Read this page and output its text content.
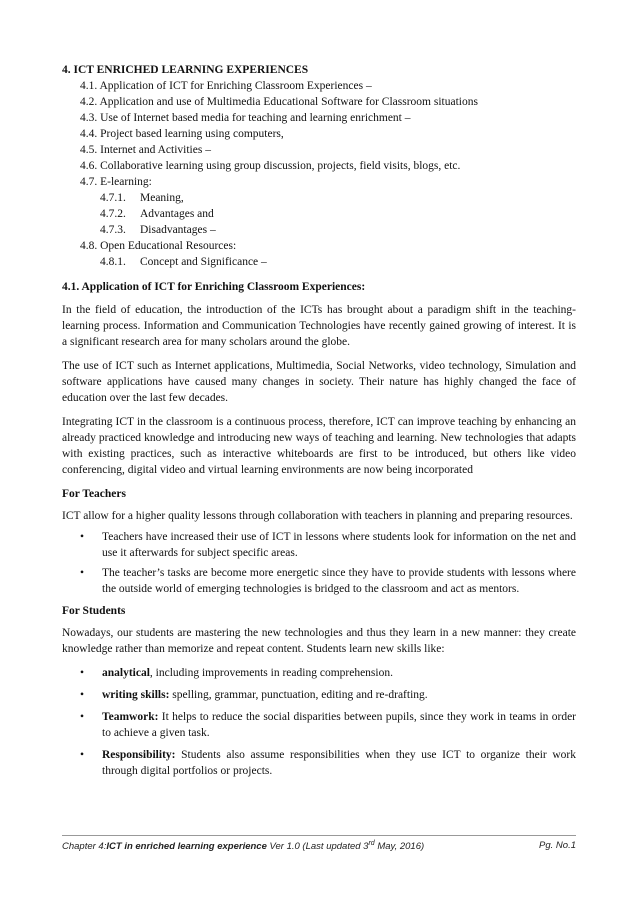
4. ICT ENRICHED LEARNING EXPERIENCES
4.1. Application of ICT for Enriching Classroom Experiences –
4.2. Application and use of Multimedia Educational Software for Classroom situations
4.3. Use of Internet based media for teaching and learning enrichment –
4.4. Project based learning using computers,
4.5. Internet and Activities –
4.6. Collaborative learning using group discussion, projects, field visits, blogs, etc.
4.7. E-learning:
4.7.1. Meaning,
4.7.2. Advantages and
4.7.3. Disadvantages –
4.8. Open Educational Resources:
4.8.1. Concept and Significance –
4.1. Application of ICT for Enriching Classroom Experiences:

In the field of education, the introduction of the ICTs has brought about a paradigm shift in the teaching-learning process. Information and Communication Technologies have recently gained growing of interest. It is a significant research area for many scholars around the globe.

The use of ICT such as Internet applications, Multimedia, Social Networks, video technology, Simulation and software applications have caused many changes in society. Their nature has highly changed the face of education over the last few decades.

Integrating ICT in the classroom is a continuous process, therefore, ICT can improve teaching by enhancing an already practiced knowledge and introducing new ways of teaching and learning. New technologies that adapts with existing practices, such as interactive whiteboards are first to be introduced, but others like video conferencing, digital video and virtual learning environments are now being incorporated

For Teachers

ICT allow for a higher quality lessons through collaboration with teachers in planning and preparing resources.

• Teachers have increased their use of ICT in lessons where students look for information on the net and use it afterwards for subject specific areas.
• The teacher’s tasks are become more energetic since they have to provide students with lessons where the outside world of emerging technologies is bridged to the classroom and act as mentors.
For Students

Nowadays, our students are mastering the new technologies and thus they learn in a new manner: they create knowledge rather than memorize and repeat content. Students learn new skills like:

• analytical, including improvements in reading comprehension.
• writing skills: spelling, grammar, punctuation, editing and re-drafting.
• Teamwork: It helps to reduce the social disparities between pupils, since they work in teams in order to achieve a given task.
• Responsibility: Students also assume responsibilities when they use ICT to organize their work through digital portfolios or projects.
Chapter 4:ICT in enriched learning experience Ver 1.0 (Last updated 3rd May, 2016)	Pg. No.1
